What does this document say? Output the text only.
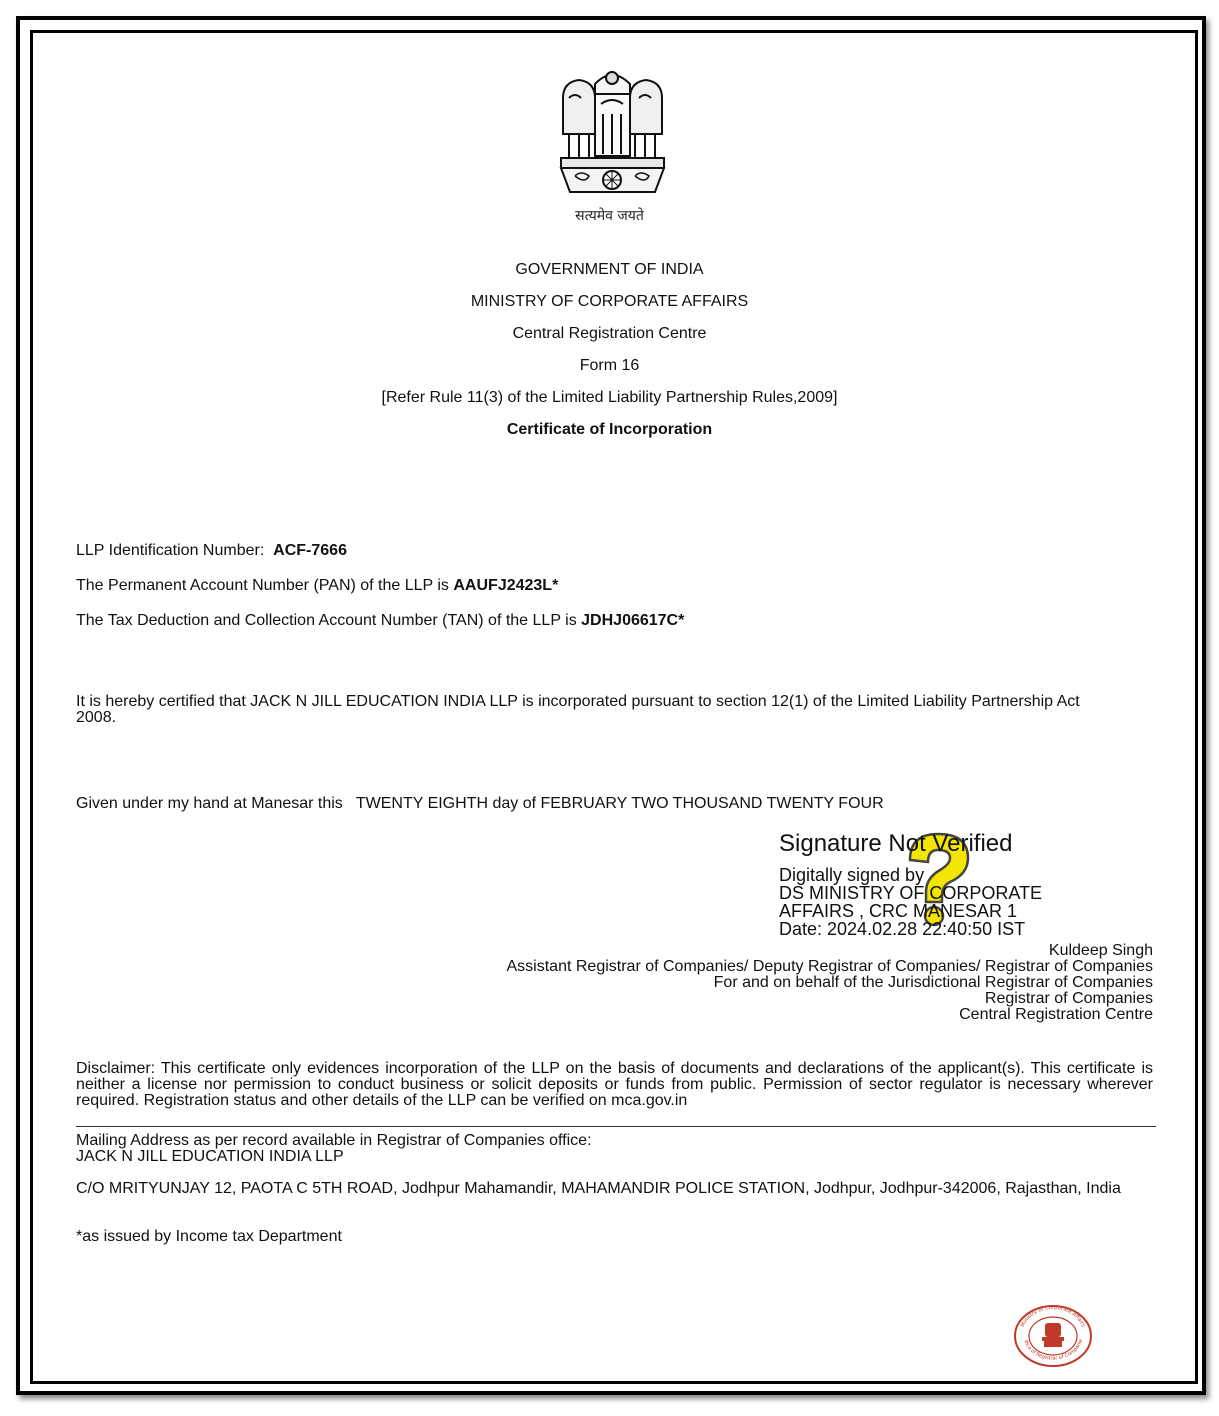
सत्यमेव जयते
GOVERNMENT OF INDIA
MINISTRY OF CORPORATE AFFAIRS
Central Registration Centre
Form 16
[Refer Rule 11(3) of the Limited Liability Partnership Rules,2009]
Certificate of Incorporation
LLP Identification Number: ACF-7666
The Permanent Account Number (PAN) of the LLP is AAUFJ2423L*
The Tax Deduction and Collection Account Number (TAN) of the LLP is JDHJ06617C*
It is hereby certified that JACK N JILL EDUCATION INDIA LLP is incorporated pursuant to section 12(1) of the Limited Liability Partnership Act 2008.
Given under my hand at Manesar this TWENTY EIGHTH day of FEBRUARY TWO THOUSAND TWENTY FOUR
Signature Not Verified
Digitally signed by
DS MINISTRY OF CORPORATE
AFFAIRS , CRC MANESAR 1
Date: 2024.02.28 22:40:50 IST
Kuldeep Singh
Assistant Registrar of Companies/ Deputy Registrar of Companies/ Registrar of Companies
For and on behalf of the Jurisdictional Registrar of Companies
Registrar of Companies
Central Registration Centre
Disclaimer: This certificate only evidences incorporation of the LLP on the basis of documents and declarations of the applicant(s). This certificate is neither a license nor permission to conduct business or solicit deposits or funds from public. Permission of sector regulator is necessary wherever required. Registration status and other details of the LLP can be verified on mca.gov.in
Mailing Address as per record available in Registrar of Companies office:
JACK N JILL EDUCATION INDIA LLP
C/O MRITYUNJAY 12, PAOTA C 5TH ROAD, Jodhpur Mahamandir, MAHAMANDIR POLICE STATION, Jodhpur, Jodhpur-342006, Rajasthan, India
*as issued by Income tax Department
Ministry of Corporate Affairs
Office of Registrar of Companie
